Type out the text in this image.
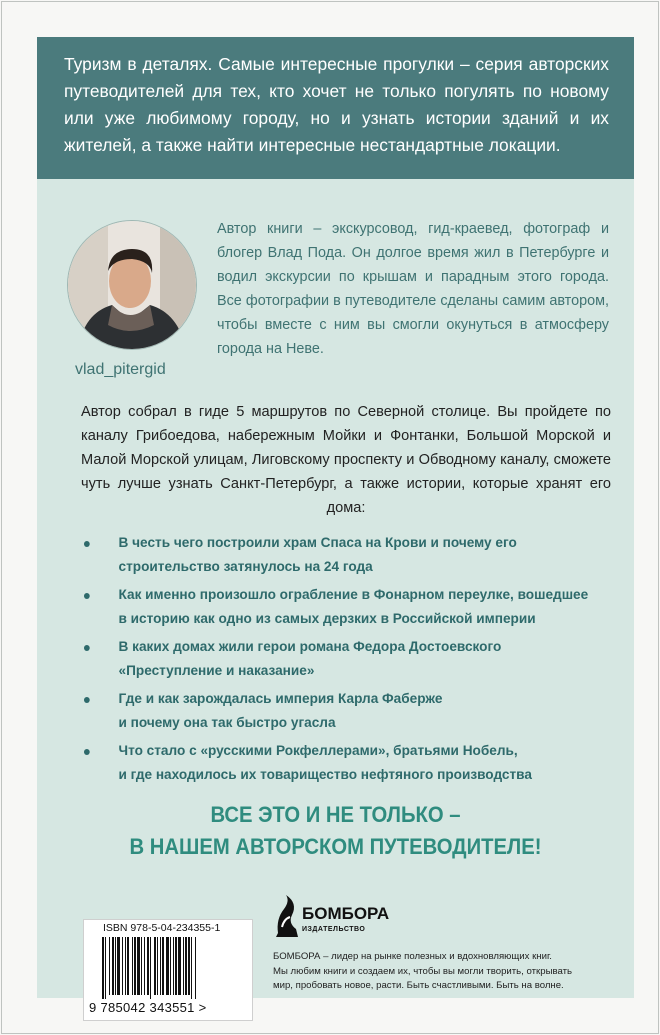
Туризм в деталях. Самые интересные прогулки – серия авторских путеводителей для тех, кто хочет не только погулять по новому или уже любимому городу, но и узнать истории зданий и их жителей, а также найти интересные нестандартные локации.
vlad_pitergid
Автор книги – экскурсовод, гид-краевед, фотограф и блогер Влад Пода. Он долгое время жил в Петербурге и водил экскурсии по крышам и парадным этого города. Все фотографии в путеводителе сделаны самим автором, чтобы вместе с ним вы смогли окунуться в атмосферу города на Неве.
Автор собрал в гиде 5 маршрутов по Северной столице. Вы пройдете по каналу Грибоедова, набережным Мойки и Фонтанки, Большой Морской и Малой Морской улицам, Лиговскому проспекту и Обводному каналу, сможете чуть лучше узнать Санкт-Петербург, а также истории, которые хранят его дома:
В честь чего построили храм Спаса на Крови и почему его
строительство затянулось на 24 года
Как именно произошло ограбление в Фонарном переулке, вошедшее
в историю как одно из самых дерзких в Российской империи
В каких домах жили герои романа Федора Достоевского
«Преступление и наказание»
Где и как зарождалась империя Карла Фаберже
и почему она так быстро угасла
Что стало с «русскими Рокфеллерами», братьями Нобель,
и где находилось их товарищество нефтяного производства
ВСЕ ЭТО И НЕ ТОЛЬКО –
В НАШЕМ АВТОРСКОМ ПУТЕВОДИТЕЛЕ!
ISBN 978-5-04-234355-1
9 785042 343551 >
БОМБОРА
ИЗДАТЕЛЬСТВО
БОМБОРА – лидер на рынке полезных и вдохновляющих книг.
Мы любим книги и создаем их, чтобы вы могли творить, открывать
мир, пробовать новое, расти. Быть счастливыми. Быть на волне.
